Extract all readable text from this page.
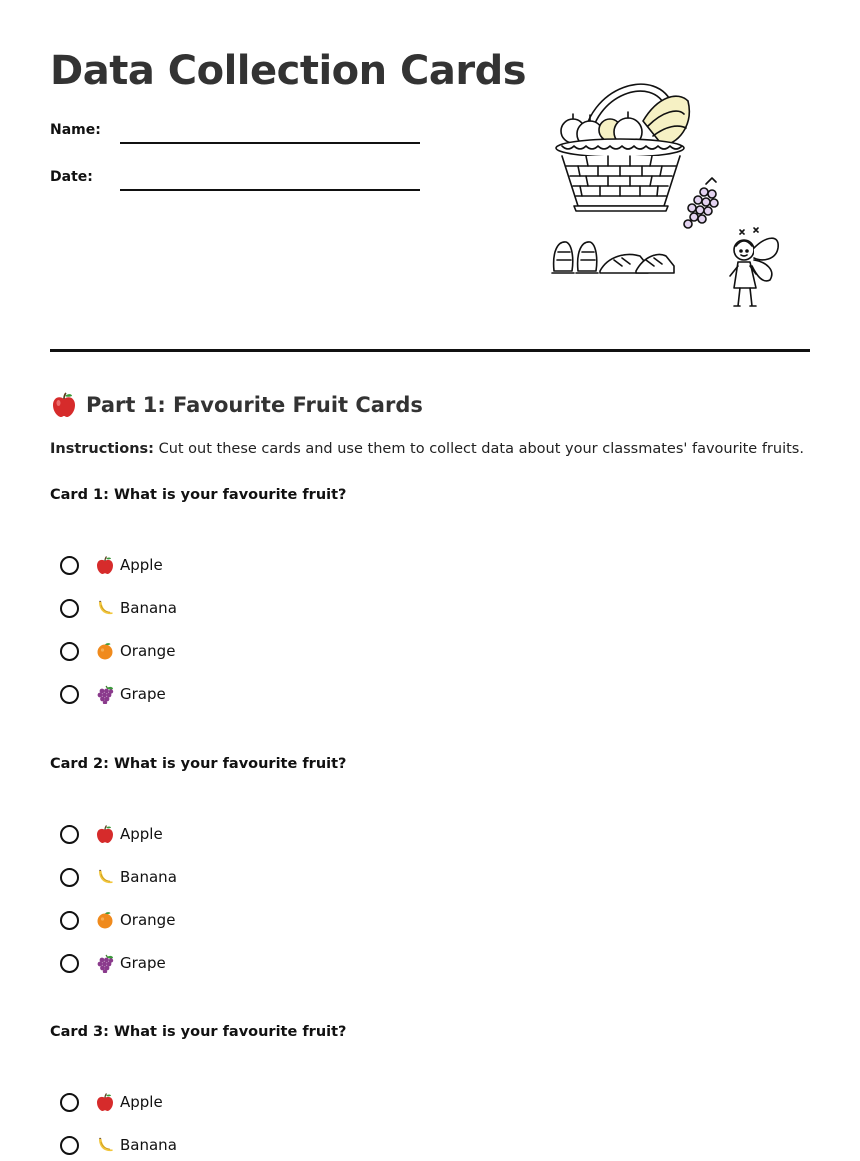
Data Collection Cards
Name:
Date:
Part 1: Favourite Fruit Cards
Instructions: Cut out these cards and use them to collect data about your classmates' favourite fruits.
Card 1: What is your favourite fruit?
Apple
Banana
Orange
Grape
Card 2: What is your favourite fruit?
Apple
Banana
Orange
Grape
Card 3: What is your favourite fruit?
Apple
Banana
